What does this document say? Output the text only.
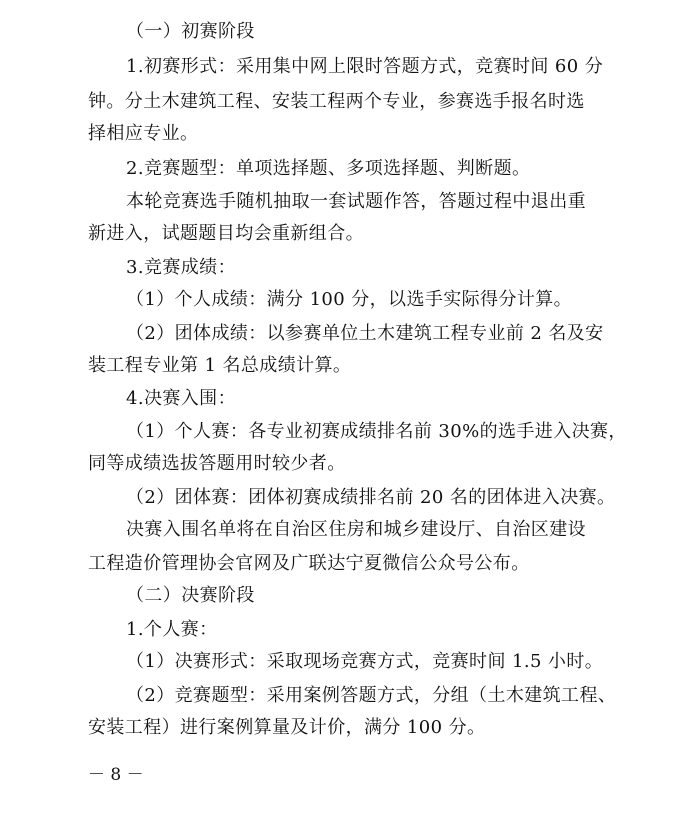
（一）初赛阶段
1.初赛形式：采用集中网上限时答题方式，竞赛时间 60 分
钟。分土木建筑工程、安装工程两个专业，参赛选手报名时选
择相应专业。
2.竞赛题型：单项选择题、多项选择题、判断题。
本轮竞赛选手随机抽取一套试题作答，答题过程中退出重
新进入，试题题目均会重新组合。
3.竞赛成绩：
（1）个人成绩：满分 100 分，以选手实际得分计算。
（2）团体成绩：以参赛单位土木建筑工程专业前 2 名及安
装工程专业第 1 名总成绩计算。
4.决赛入围：
（1）个人赛：各专业初赛成绩排名前 30%的选手进入决赛，
同等成绩选拔答题用时较少者。
（2）团体赛：团体初赛成绩排名前 20 名的团体进入决赛。
决赛入围名单将在自治区住房和城乡建设厅、自治区建设
工程造价管理协会官网及广联达宁夏微信公众号公布。
（二）决赛阶段
1.个人赛：
（1）决赛形式：采取现场竞赛方式，竞赛时间 1.5 小时。
（2）竞赛题型：采用案例答题方式，分组（土木建筑工程、
安装工程）进行案例算量及计价，满分 100 分。
－ 8 －
